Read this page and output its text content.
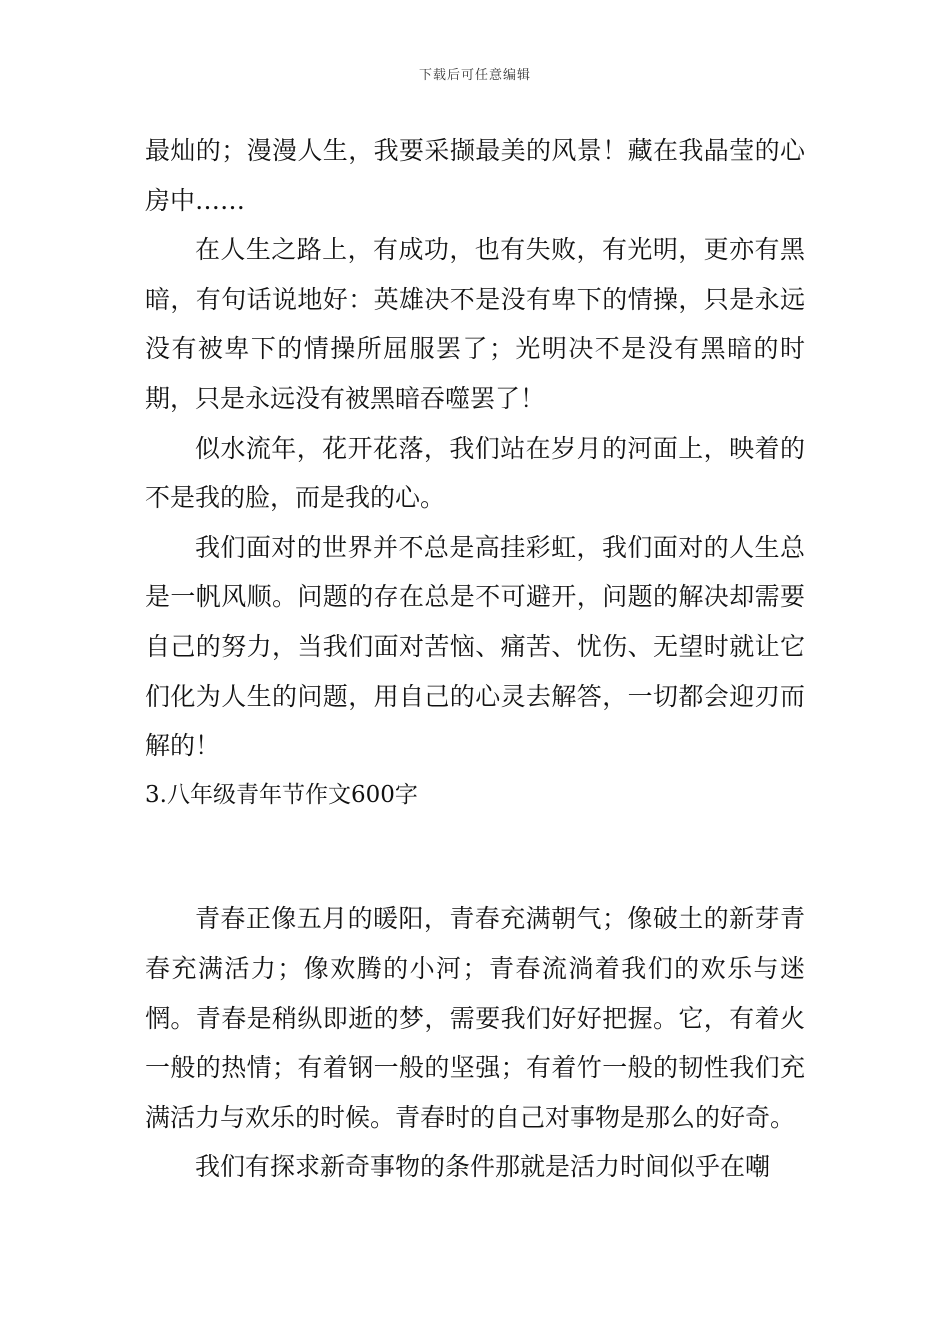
下载后可任意编辑

最灿的；漫漫人生，我要采撷最美的风景！藏在我晶莹的心房中……

在人生之路上，有成功，也有失败，有光明，更亦有黑暗，有句话说地好：英雄决不是没有卑下的情操，只是永远没有被卑下的情操所屈服罢了；光明决不是没有黑暗的时期，只是永远没有被黑暗吞噬罢了！

似水流年，花开花落，我们站在岁月的河面上，映着的不是我的脸，而是我的心。

我们面对的世界并不总是高挂彩虹，我们面对的人生总是一帆风顺。问题的存在总是不可避开，问题的解决却需要自己的努力，当我们面对苦恼、痛苦、忧伤、无望时就让它们化为人生的问题，用自己的心灵去解答，一切都会迎刃而解的！

3.八年级青年节作文600字

青春正像五月的暖阳，青春充满朝气；像破土的新芽青春充满活力；像欢腾的小河；青春流淌着我们的欢乐与迷惘。青春是稍纵即逝的梦，需要我们好好把握。它，有着火一般的热情；有着钢一般的坚强；有着竹一般的韧性我们充满活力与欢乐的时候。青春时的自己对事物是那么的好奇。

我们有探求新奇事物的条件那就是活力时间似乎在嘲
